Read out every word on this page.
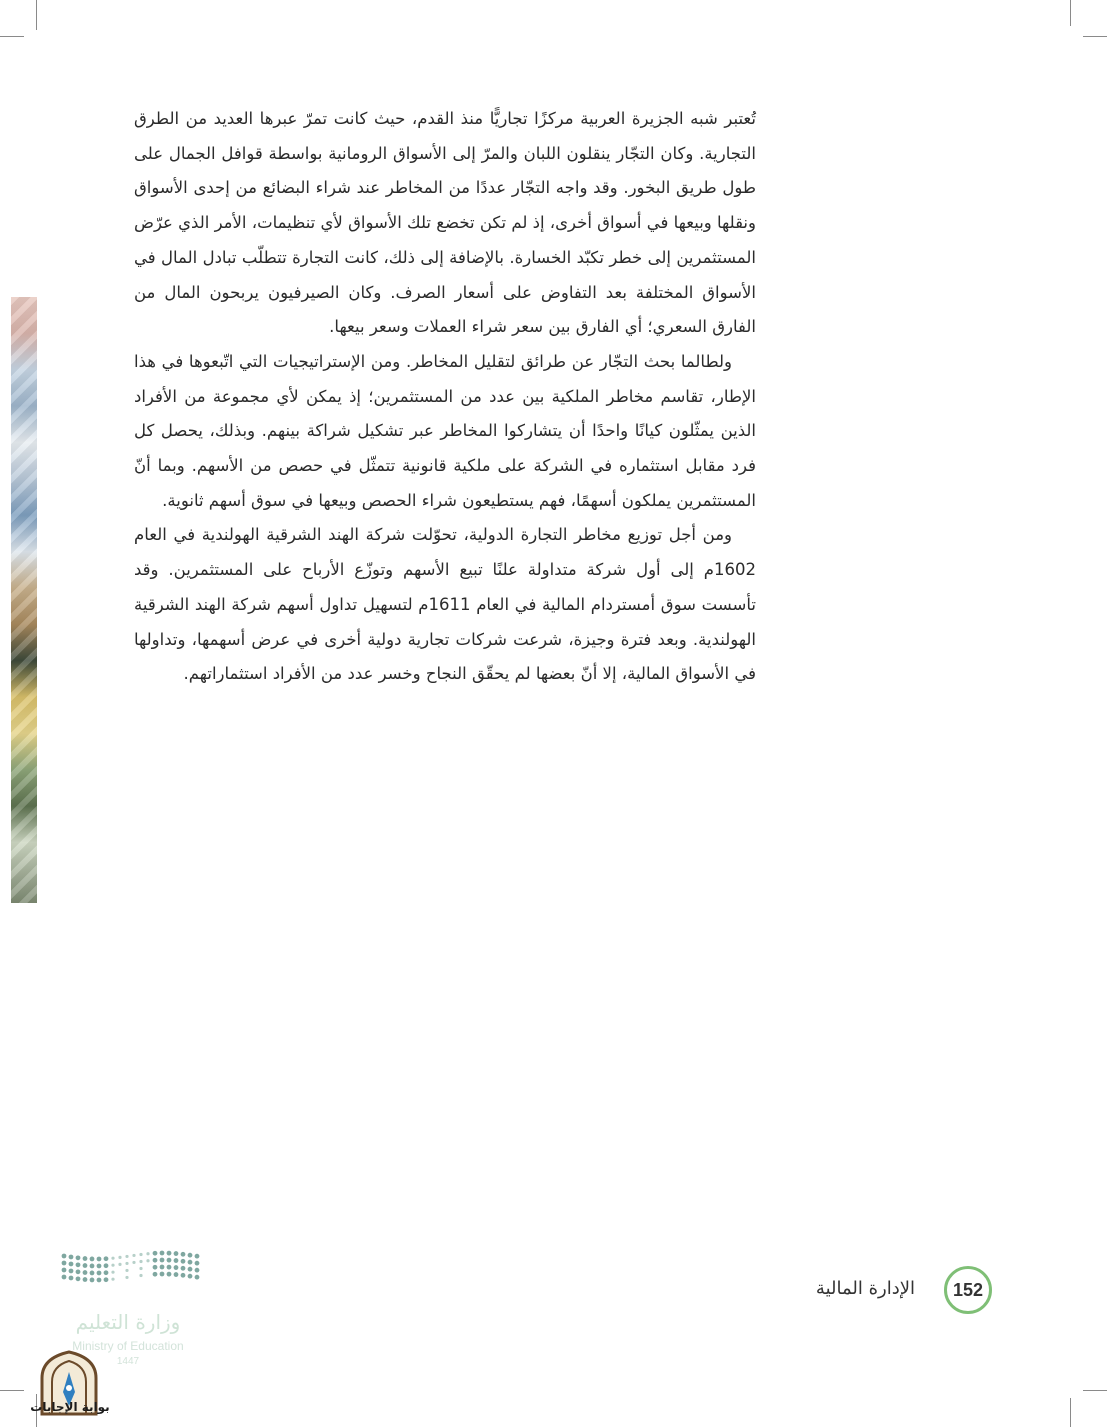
تُعتبر شبه الجزيرة العربية مركزًا تجاريًّا منذ القدم، حيث كانت تمرّ عبرها العديد من الطرق التجارية. وكان التجّار ينقلون اللبان والمرّ إلى الأسواق الرومانية بواسطة قوافل الجمال على طول طريق البخور. وقد واجه التجّار عددًا من المخاطر عند شراء البضائع من إحدى الأسواق ونقلها وبيعها في أسواق أخرى، إذ لم تكن تخضع تلك الأسواق لأي تنظيمات، الأمر الذي عرّض المستثمرين إلى خطر تكبّد الخسارة. بالإضافة إلى ذلك، كانت التجارة تتطلّب تبادل المال في الأسواق المختلفة بعد التفاوض على أسعار الصرف. وكان الصيرفيون يربحون المال من الفارق السعري؛ أي الفارق بين سعر شراء العملات وسعر بيعها.

ولطالما بحث التجّار عن طرائق لتقليل المخاطر. ومن الإستراتيجيات التي اتّبعوها في هذا الإطار، تقاسم مخاطر الملكية بين عدد من المستثمرين؛ إذ يمكن لأي مجموعة من الأفراد الذين يمثّلون كيانًا واحدًا أن يتشاركوا المخاطر عبر تشكيل شراكة بينهم. وبذلك، يحصل كل فرد مقابل استثماره في الشركة على ملكية قانونية تتمثّل في حصص من الأسهم. وبما أنّ المستثمرين يملكون أسهمًا، فهم يستطيعون شراء الحصص وبيعها في سوق أسهم ثانوية.

ومن أجل توزيع مخاطر التجارة الدولية، تحوّلت شركة الهند الشرقية الهولندية في العام 1602م إلى أول شركة متداولة علنًا تبيع الأسهم وتوزّع الأرباح على المستثمرين. وقد تأسست سوق أمستردام المالية في العام 1611م لتسهيل تداول أسهم شركة الهند الشرقية الهولندية. وبعد فترة وجيزة، شرعت شركات تجارية دولية أخرى في عرض أسهمها، وتداولها في الأسواق المالية، إلا أنّ بعضها لم يحقّق النجاح وخسر عدد من الأفراد استثماراتهم.

152
الإدارة المالية
وزارة التعليم
Ministry of Education
1447
بوابة الإجابات
